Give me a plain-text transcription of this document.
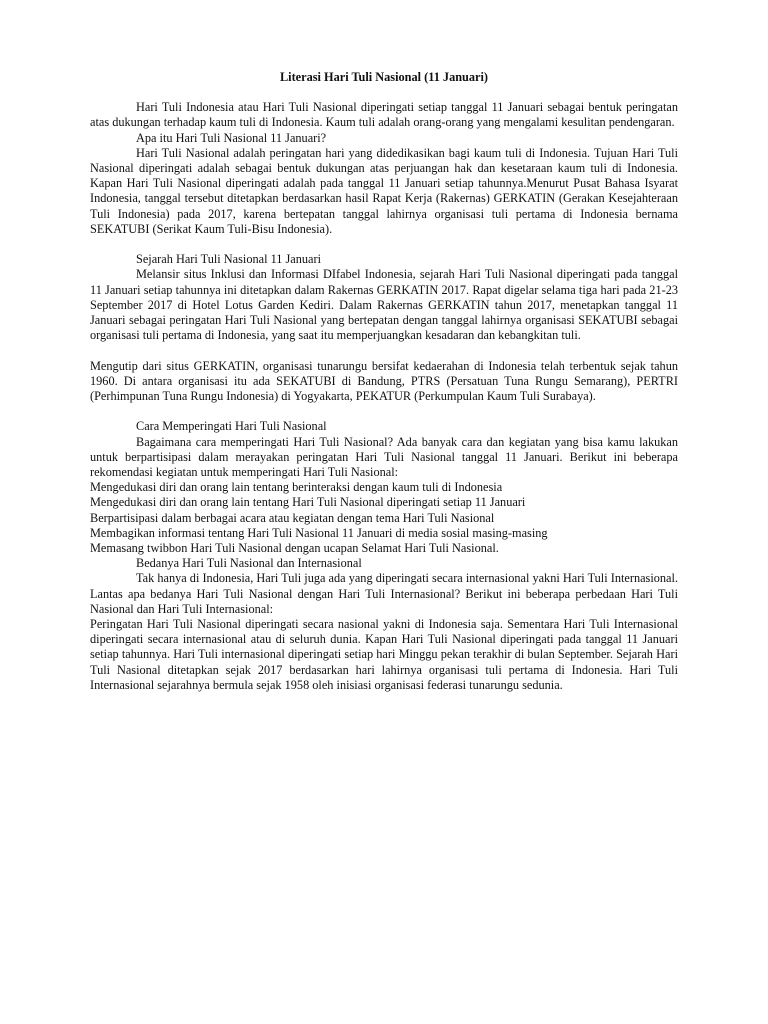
Literasi Hari Tuli Nasional (11 Januari)

Hari Tuli Indonesia atau Hari Tuli Nasional diperingati setiap tanggal 11 Januari sebagai bentuk peringatan atas dukungan terhadap kaum tuli di Indonesia. Kaum tuli adalah orang-orang yang mengalami kesulitan pendengaran.

Apa itu Hari Tuli Nasional 11 Januari?

Hari Tuli Nasional adalah peringatan hari yang didedikasikan bagi kaum tuli di Indonesia. Tujuan Hari Tuli Nasional diperingati adalah sebagai bentuk dukungan atas perjuangan hak dan kesetaraan kaum tuli di Indonesia. Kapan Hari Tuli Nasional diperingati adalah pada tanggal 11 Januari setiap tahunnya.Menurut Pusat Bahasa Isyarat Indonesia, tanggal tersebut ditetapkan berdasarkan hasil Rapat Kerja (Rakernas) GERKATIN (Gerakan Kesejahteraan Tuli Indonesia) pada 2017, karena bertepatan tanggal lahirnya organisasi tuli pertama di Indonesia bernama SEKATUBI (Serikat Kaum Tuli-Bisu Indonesia).

Sejarah Hari Tuli Nasional 11 Januari

Melansir situs Inklusi dan Informasi DIfabel Indonesia, sejarah Hari Tuli Nasional diperingati pada tanggal 11 Januari setiap tahunnya ini ditetapkan dalam Rakernas GERKATIN 2017. Rapat digelar selama tiga hari pada 21-23 September 2017 di Hotel Lotus Garden Kediri. Dalam Rakernas GERKATIN tahun 2017, menetapkan tanggal 11 Januari sebagai peringatan Hari Tuli Nasional yang bertepatan dengan tanggal lahirnya organisasi SEKATUBI sebagai organisasi tuli pertama di Indonesia, yang saat itu memperjuangkan kesadaran dan kebangkitan tuli.

Mengutip dari situs GERKATIN, organisasi tunarungu bersifat kedaerahan di Indonesia telah terbentuk sejak tahun 1960. Di antara organisasi itu ada SEKATUBI di Bandung, PTRS (Persatuan Tuna Rungu Semarang), PERTRI (Perhimpunan Tuna Rungu Indonesia) di Yogyakarta, PEKATUR (Perkumpulan Kaum Tuli Surabaya).

Cara Memperingati Hari Tuli Nasional

Bagaimana cara memperingati Hari Tuli Nasional? Ada banyak cara dan kegiatan yang bisa kamu lakukan untuk berpartisipasi dalam merayakan peringatan Hari Tuli Nasional tanggal 11 Januari. Berikut ini beberapa rekomendasi kegiatan untuk memperingati Hari Tuli Nasional:

Mengedukasi diri dan orang lain tentang berinteraksi dengan kaum tuli di Indonesia

Mengedukasi diri dan orang lain tentang Hari Tuli Nasional diperingati setiap 11 Januari

Berpartisipasi dalam berbagai acara atau kegiatan dengan tema Hari Tuli Nasional

Membagikan informasi tentang Hari Tuli Nasional 11 Januari di media sosial masing-masing

Memasang twibbon Hari Tuli Nasional dengan ucapan Selamat Hari Tuli Nasional.

Bedanya Hari Tuli Nasional dan Internasional

Tak hanya di Indonesia, Hari Tuli juga ada yang diperingati secara internasional yakni Hari Tuli Internasional. Lantas apa bedanya Hari Tuli Nasional dengan Hari Tuli Internasional? Berikut ini beberapa perbedaan Hari Tuli Nasional dan Hari Tuli Internasional:

Peringatan Hari Tuli Nasional diperingati secara nasional yakni di Indonesia saja. Sementara Hari Tuli Internasional diperingati secara internasional atau di seluruh dunia. Kapan Hari Tuli Nasional diperingati pada tanggal 11 Januari setiap tahunnya. Hari Tuli internasional diperingati setiap hari Minggu pekan terakhir di bulan September. Sejarah Hari Tuli Nasional ditetapkan sejak 2017 berdasarkan hari lahirnya organisasi tuli pertama di Indonesia. Hari Tuli Internasional sejarahnya bermula sejak 1958 oleh inisiasi organisasi federasi tunarungu sedunia.
